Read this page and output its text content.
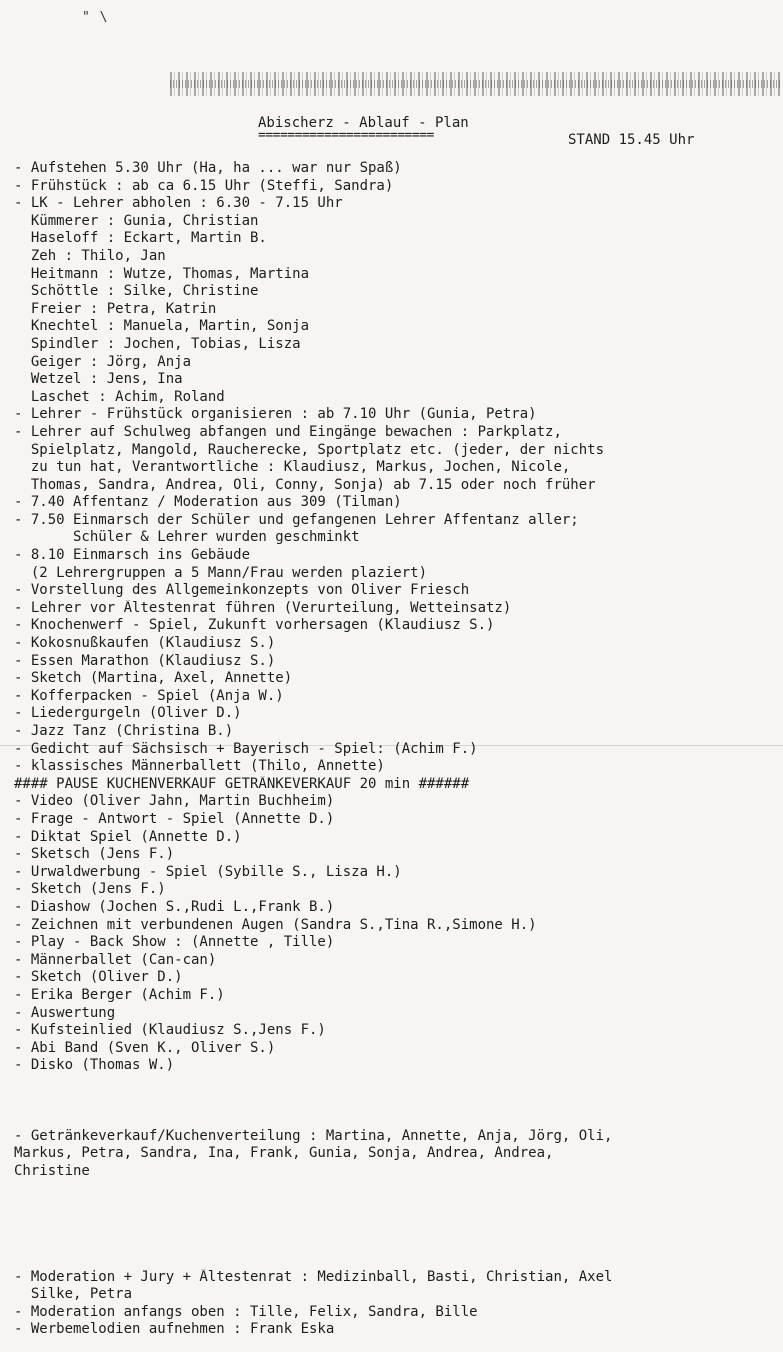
" \
Abischerz - Ablauf - Plan
========================	STAND 15.45 Uhr
- Aufstehen 5.30 Uhr (Ha, ha ... war nur Spaß)
- Frühstück : ab ca 6.15 Uhr (Steffi, Sandra)
- LK - Lehrer abholen : 6.30 - 7.15 Uhr
Kümmerer : Gunia, Christian
Haseloff : Eckart, Martin B.
Zeh : Thilo, Jan
Heitmann : Wutze, Thomas, Martina
Schöttle : Silke, Christine
Freier : Petra, Katrin
Knechtel : Manuela, Martin, Sonja
Spindler : Jochen, Tobias, Lisza
Geiger : Jörg, Anja
Wetzel : Jens, Ina
Laschet : Achim, Roland
- Lehrer - Frühstück organisieren : ab 7.10 Uhr (Gunia, Petra)
- Lehrer auf Schulweg abfangen und Eingänge bewachen : Parkplatz,
Spielplatz, Mangold, Raucherecke, Sportplatz etc. (jeder, der nichts
zu tun hat, Verantwortliche : Klaudiusz, Markus, Jochen, Nicole,
Thomas, Sandra, Andrea, Oli, Conny, Sonja) ab 7.15 oder noch früher
- 7.40 Affentanz / Moderation aus 309 (Tilman)
- 7.50 Einmarsch der Schüler und gefangenen Lehrer Affentanz aller;
Schüler & Lehrer wurden geschminkt
- 8.10 Einmarsch ins Gebäude
(2 Lehrergruppen a 5 Mann/Frau werden plaziert)
- Vorstellung des Allgemeinkonzepts von Oliver Friesch
- Lehrer vor Ältestenrat führen (Verurteilung, Wetteinsatz)
- Knochenwerf - Spiel, Zukunft vorhersagen (Klaudiusz S.)
- Kokosnußkaufen (Klaudiusz S.)
- Essen Marathon (Klaudiusz S.)
- Sketch (Martina, Axel, Annette)
- Kofferpacken - Spiel (Anja W.)
- Liedergurgeln (Oliver D.)
- Jazz Tanz (Christina B.)
- Gedicht auf Sächsisch + Bayerisch - Spiel: (Achim F.)
- klassisches Männerballett (Thilo, Annette)
#### PAUSE KUCHENVERKAUF GETRÄNKEVERKAUF 20 min ######
- Video (Oliver Jahn, Martin Buchheim)
- Frage - Antwort - Spiel (Annette D.)
- Diktat Spiel (Annette D.)
- Sketsch (Jens F.)
- Urwaldwerbung - Spiel (Sybille S., Lisza H.)
- Sketch (Jens F.)
- Diashow (Jochen S.,Rudi L.,Frank B.)
- Zeichnen mit verbundenen Augen (Sandra S.,Tina R.,Simone H.)
- Play - Back Show : (Annette , Tille)
- Männerballet (Can-can)
- Sketch (Oliver D.)
- Erika Berger (Achim F.)
- Auswertung
- Kufsteinlied (Klaudiusz S.,Jens F.)
- Abi Band (Sven K., Oliver S.)
- Disko (Thomas W.)
- Getränkeverkauf/Kuchenverteilung : Martina, Annette, Anja, Jörg, Oli,
Markus, Petra, Sandra, Ina, Frank, Gunia, Sonja, Andrea, Andrea,
Christine
- Moderation + Jury + Ältestenrat : Medizinball, Basti, Christian, Axel
Silke, Petra
- Moderation anfangs oben : Tille, Felix, Sandra, Bille
- Werbemelodien aufnehmen : Frank Eska
